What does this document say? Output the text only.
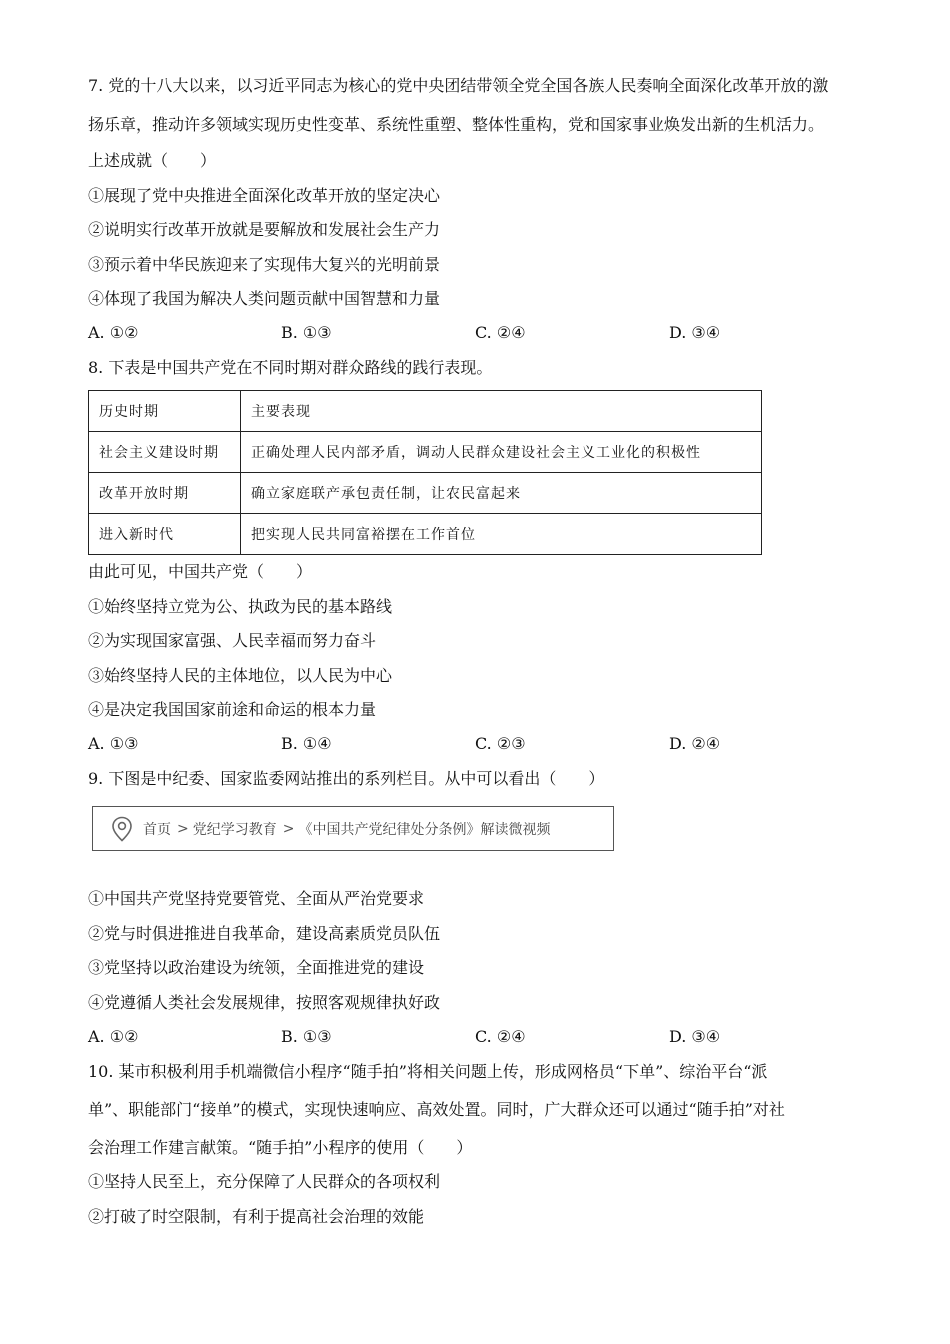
7. 党的十八大以来，以习近平同志为核心的党中央团结带领全党全国各族人民奏响全面深化改革开放的激
扬乐章，推动许多领域实现历史性变革、系统性重塑、整体性重构，党和国家事业焕发出新的生机活力。
上述成就（　　）
①展现了党中央推进全面深化改革开放的坚定决心
②说明实行改革开放就是要解放和发展社会生产力
③预示着中华民族迎来了实现伟大复兴的光明前景
④体现了我国为解决人类问题贡献中国智慧和力量
A. ①②	B. ①③	C. ②④	D. ③④
8. 下表是中国共产党在不同时期对群众路线的践行表现。
历史时期	主要表现
社会主义建设时期	正确处理人民内部矛盾，调动人民群众建设社会主义工业化的积极性
改革开放时期	确立家庭联产承包责任制，让农民富起来
进入新时代	把实现人民共同富裕摆在工作首位
由此可见，中国共产党（　　）
①始终坚持立党为公、执政为民的基本路线
②为实现国家富强、人民幸福而努力奋斗
③始终坚持人民的主体地位，以人民为中心
④是决定我国国家前途和命运的根本力量
A. ①③	B. ①④	C. ②③	D. ②④
9. 下图是中纪委、国家监委网站推出的系列栏目。从中可以看出（　　）
首页 > 党纪学习教育 > 《中国共产党纪律处分条例》解读微视频
①中国共产党坚持党要管党、全面从严治党要求
②党与时俱进推进自我革命，建设高素质党员队伍
③党坚持以政治建设为统领，全面推进党的建设
④党遵循人类社会发展规律，按照客观规律执好政
A. ①②	B. ①③	C. ②④	D. ③④
10. 某市积极利用手机端微信小程序“随手拍”将相关问题上传，形成网格员“下单”、综治平台“派
单”、职能部门“接单”的模式，实现快速响应、高效处置。同时，广大群众还可以通过“随手拍”对社
会治理工作建言献策。“随手拍”小程序的使用（　　）
①坚持人民至上，充分保障了人民群众的各项权利
②打破了时空限制，有利于提高社会治理的效能
